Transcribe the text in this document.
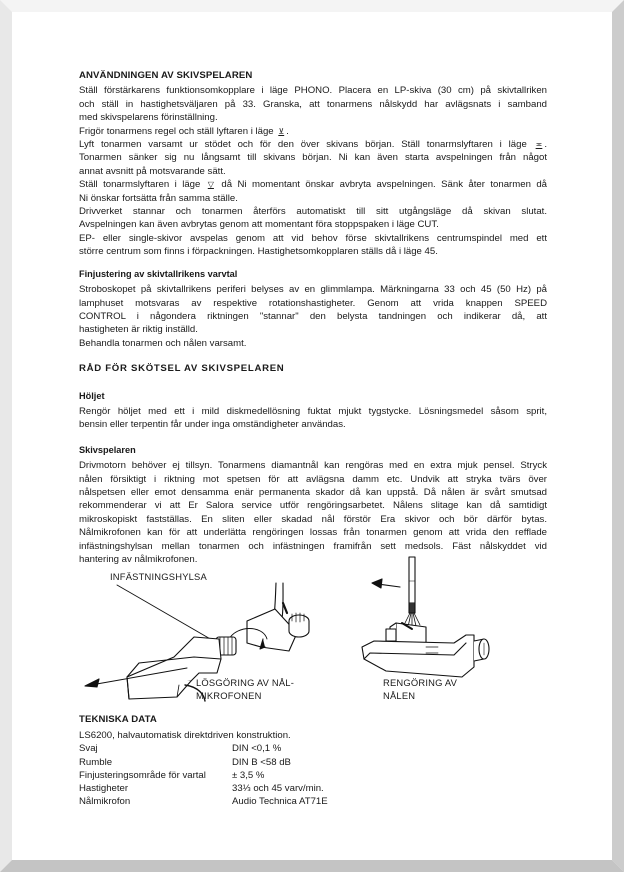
ANVÄNDNINGEN AV SKIVSPELAREN
Ställ förstärkarens funktionsomkopplare i läge PHONO. Placera en LP-skiva (30 cm) på skivtallriken
och ställ in hastighetsväljaren på 33. Granska, att tonarmens nålskydd har avlägsnats i samband
med skivspelarens förinställning.
Frigör tonarmens regel och ställ lyftaren i läge ⊻ .
Lyft tonarmen varsamt ur stödet och för den över skivans början. Ställ tonarmslyftaren i läge ≖ .
Tonarmen sänker sig nu långsamt till skivans början. Ni kan även starta avspelningen från något
annat avsnitt på motsvarande sätt.
Ställ tonarmslyftaren i läge ▽ då Ni momentant önskar avbryta avspelningen. Sänk åter tonarmen då
Ni önskar fortsätta från samma ställe.
Drivverket stannar och tonarmen återförs automatiskt till sitt utgångsläge då skivan slutat.
Avspelningen kan även avbrytas genom att momentant föra stoppspaken i läge CUT.
EP- eller single-skivor avspelas genom att vid behov förse skivtallrikens centrumspindel med ett
större centrum som finns i förpackningen. Hastighetsomkopplaren ställs då i läge 45.
Finjustering av skivtallrikens varvtal
Stroboskopet på skivtallrikens periferi belyses av en glimmlampa. Märkningarna 33 och 45 (50 Hz) på
lamphuset motsvaras av respektive rotationshastigheter. Genom att vrida knappen SPEED
CONTROL i någondera riktningen "stannar" den belysta tandningen och indikerar då, att
hastigheten är riktig inställd.
Behandla tonarmen och nålen varsamt.
RÅD FÖR SKÖTSEL AV SKIVSPELAREN
Höljet
Rengör höljet med ett i mild diskmedellösning fuktat mjukt tygstycke. Lösningsmedel såsom sprit,
bensin eller terpentin får under inga omständigheter användas.
Skivspelaren
Drivmotorn behöver ej tillsyn. Tonarmens diamantnål kan rengöras med en extra mjuk pensel. Stryck
nålen försiktigt i riktning mot spetsen för att avlägsna damm etc. Undvik att stryka tvärs över
nålspetsen eller emot densamma enär permanenta skador då kan uppstå. Då nålen är svårt smutsad
rekommenderar vi att Er Salora service utför rengöringsarbetet. Nålens slitage kan då samtidigt
mikroskopiskt fastställas. En sliten eller skadad nål förstör Era skivor och bör därför bytas.
Nålmikrofonen kan för att underlätta rengöringen lossas från tonarmen genom att vrida den refflade
infästningshylsan mellan tonarmen och infästningen framifrån sett medsols. Fäst nålskyddet vid
hantering av nålmikrofonen.
INFÄSTNINGSHYLSA
LÖSGÖRING AV NÅL-
MIKROFONEN
RENGÖRING AV
NÅLEN
TEKNISKA DATA
LS6200, halvautomatisk direktdriven konstruktion.
Svaj	DIN <0,1 %
Rumble	DIN B <58 dB
Finjusteringsområde för vartal	± 3,5 %
Hastigheter	33⅓ och 45 varv/min.
Nålmikrofon	Audio Technica AT71E
